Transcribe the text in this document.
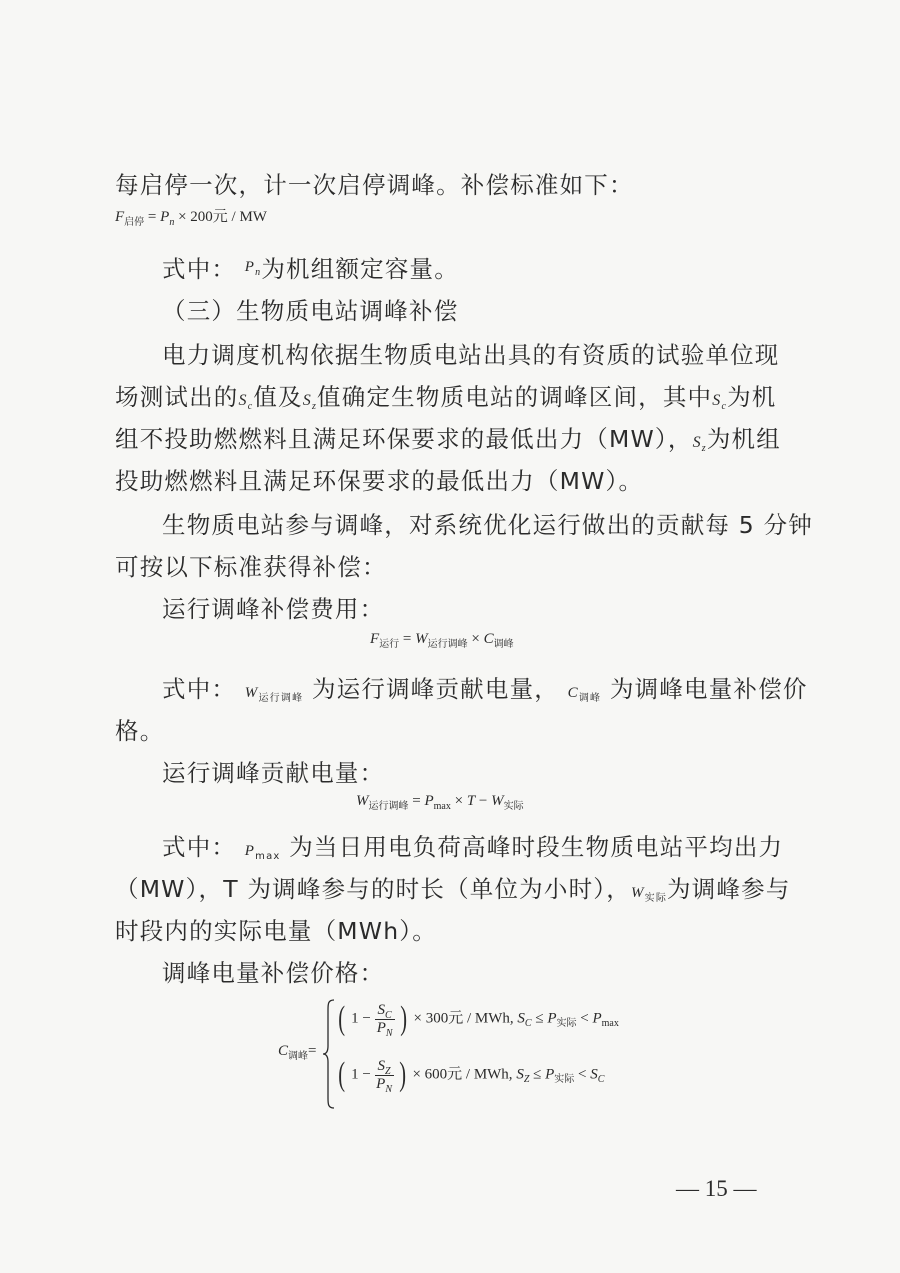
每启停一次，计一次启停调峰。补偿标准如下：
$F_{启停} = P_n \times 200$元 / MW
式中： $^P$n为机组额定容量。
（三）生物质电站调峰补偿
电力调度机构依据生物质电站出具的有资质的试验单位现
场测试出的Sc值及Sz值确定生物质电站的调峰区间，其中Sc为机
组不投助燃燃料且满足环保要求的最低出力（MW），Sz为机组
投助燃燃料且满足环保要求的最低出力（MW）。
生物质电站参与调峰，对系统优化运行做出的贡献每 5 分钟
可按以下标准获得补偿：
运行调峰补偿费用：
$F_{运行} = W_{运行调峰} \times C_{调峰}$
式中： W运行调峰 为运行调峰贡献电量， C调峰 为调峰电量补偿价
格。
运行调峰贡献电量：
$W_{运行调峰} = P_{max} \times T - W_{实际}$
式中： Pmax 为当日用电负荷高峰时段生物质电站平均出力
（MW），T 为调峰参与的时长（单位为小时），W实际为调峰参与
时段内的实际电量（MWh）。
调峰电量补偿价格：
$C_{调峰}=$
( $1 - \frac{S_C}{P_N}$ ) × 300元 / MWh, $S_C \le P_{实际} < P_{max}$
( $1 - \frac{S_Z}{P_N}$ ) × 600元 / MWh, $S_Z \le P_{实际} < S_C$
— 15 —
